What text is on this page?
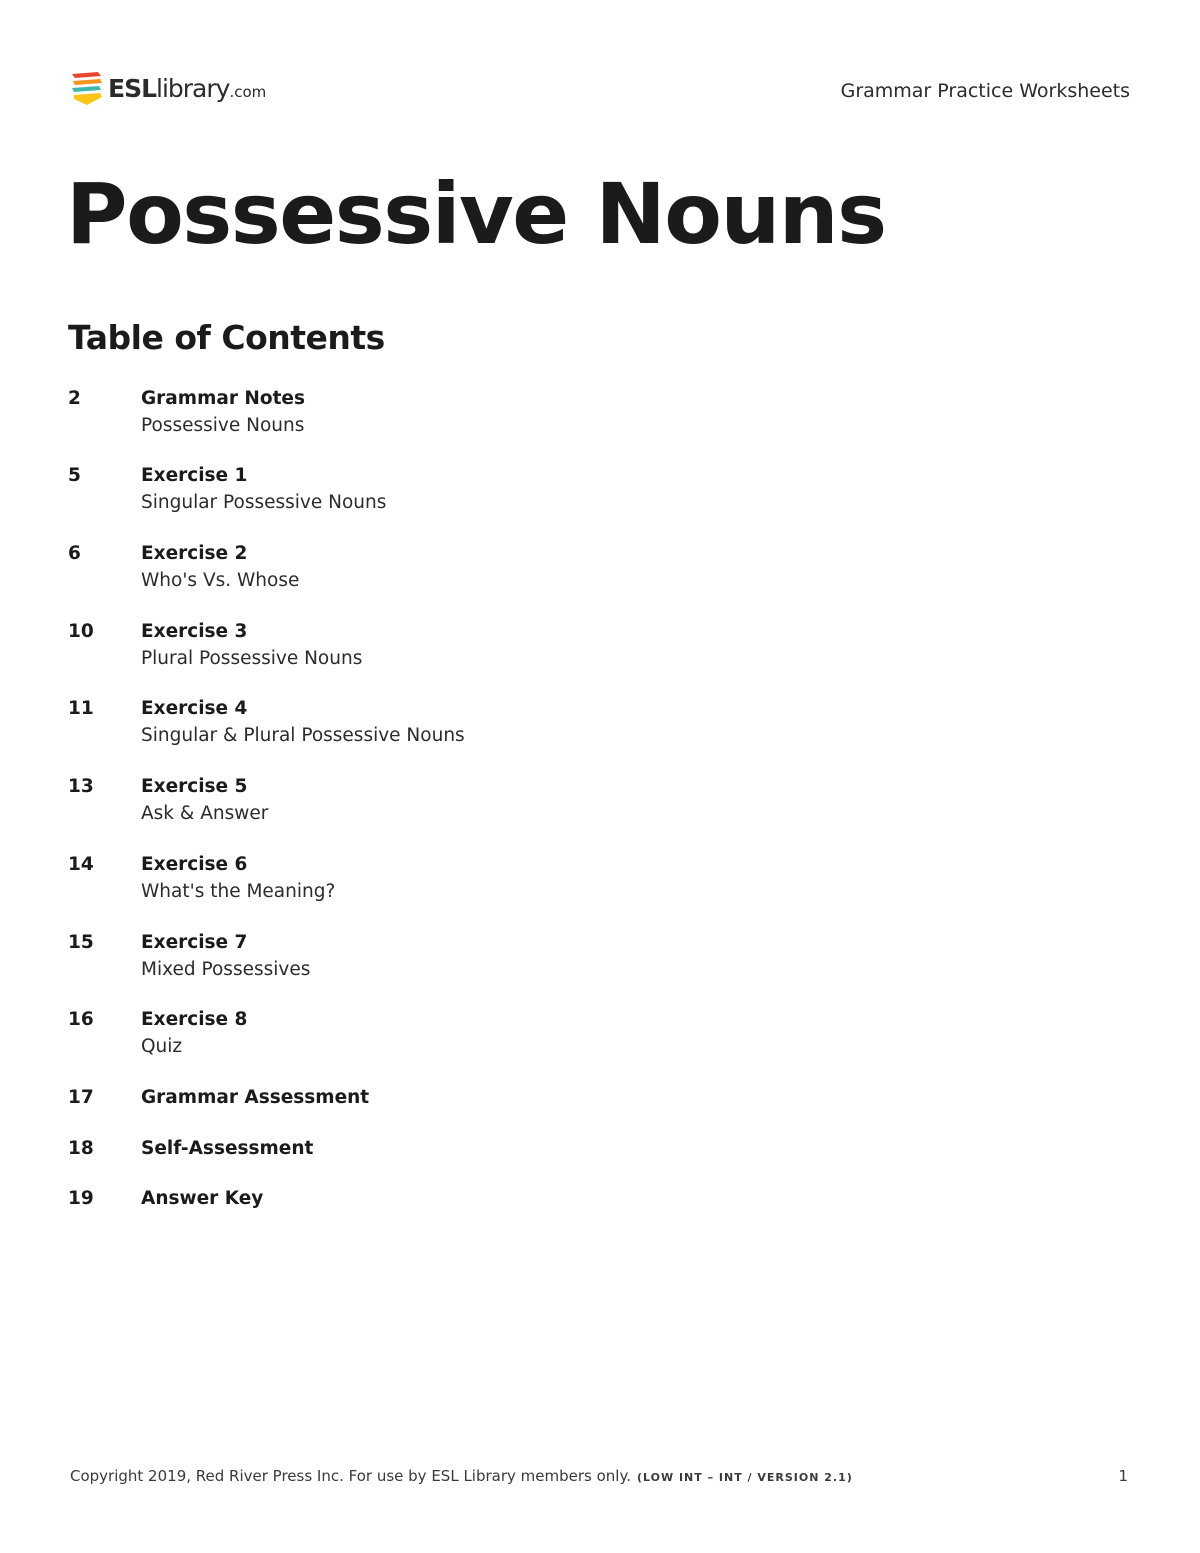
ESLlibrary.com	Grammar Practice Worksheets
Possessive Nouns
Table of Contents
2	Grammar Notes
Possessive Nouns
5	Exercise 1
Singular Possessive Nouns
6	Exercise 2
Who's Vs. Whose
10	Exercise 3
Plural Possessive Nouns
11	Exercise 4
Singular & Plural Possessive Nouns
13	Exercise 5
Ask & Answer
14	Exercise 6
What's the Meaning?
15	Exercise 7
Mixed Possessives
16	Exercise 8
Quiz
17	Grammar Assessment
18	Self-Assessment
19	Answer Key
Copyright 2019, Red River Press Inc. For use by ESL Library members only. (LOW INT – INT / VERSION 2.1)	1
